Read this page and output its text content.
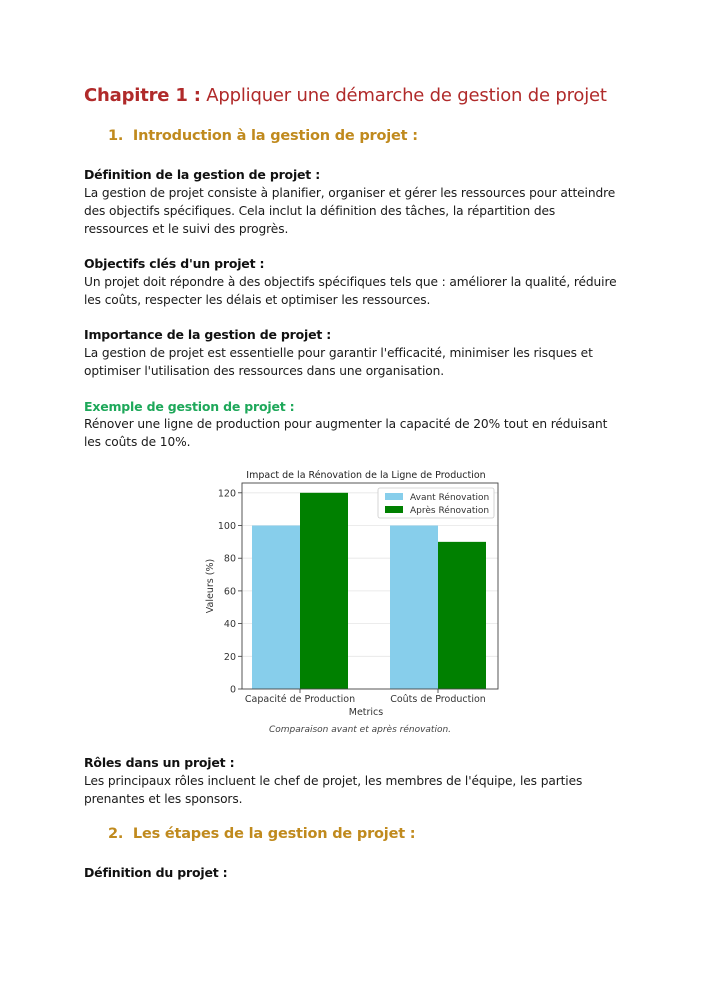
Chapitre 1 : Appliquer une démarche de gestion de projet
1. Introduction à la gestion de projet :
Définition de la gestion de projet :
La gestion de projet consiste à planifier, organiser et gérer les ressources pour atteindre des objectifs spécifiques. Cela inclut la définition des tâches, la répartition des ressources et le suivi des progrès.
Objectifs clés d'un projet :
Un projet doit répondre à des objectifs spécifiques tels que : améliorer la qualité, réduire les coûts, respecter les délais et optimiser les ressources.
Importance de la gestion de projet :
La gestion de projet est essentielle pour garantir l'efficacité, minimiser les risques et optimiser l'utilisation des ressources dans une organisation.
Exemple de gestion de projet :
Rénover une ligne de production pour augmenter la capacité de 20% tout en réduisant les coûts de 10%.
Rôles dans un projet :
Les principaux rôles incluent le chef de projet, les membres de l'équipe, les parties prenantes et les sponsors.
2. Les étapes de la gestion de projet :
Définition du projet :
Impact de la Rénovation de la Ligne de Production
0
20
40
60
80
100
120
Capacité de Production	Coûts de Production
Metrics
Valeurs (%)
Avant Rénovation
Après Rénovation
Comparaison avant et après rénovation.
